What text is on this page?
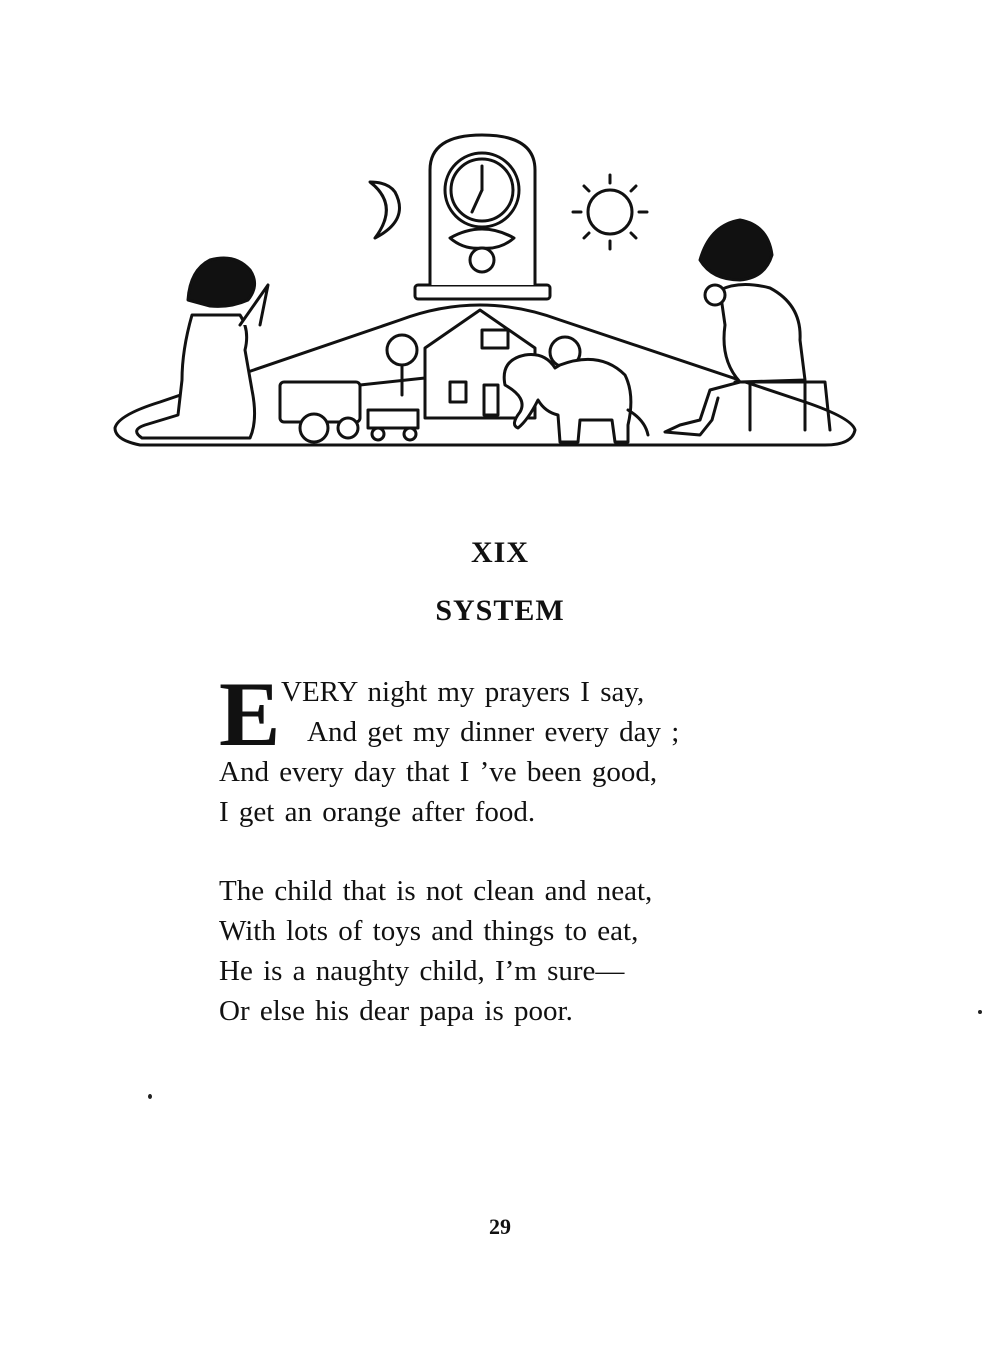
XIX
SYSTEM
E VERY night my prayers I say,
And get my dinner every day ;
And every day that I ’ve been good,
I get an orange after food.
The child that is not clean and neat,
With lots of toys and things to eat,
He is a naughty child, I’m sure—
Or else his dear papa is poor.
29
